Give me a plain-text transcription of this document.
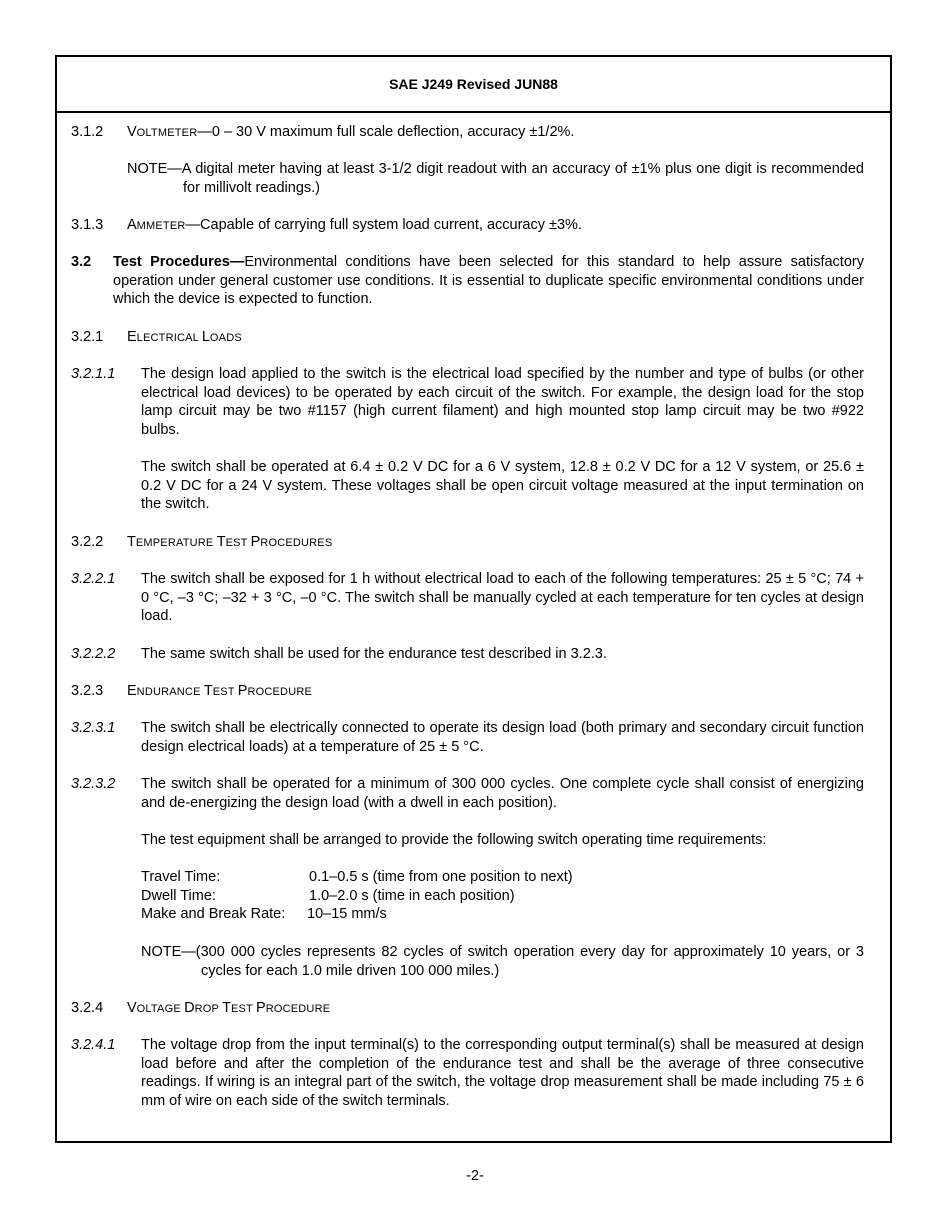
SAE J249 Revised JUN88
3.1.2 VOLTMETER—0 – 30 V maximum full scale deflection, accuracy ±1/2%.

NOTE—A digital meter having at least 3-1/2 digit readout with an accuracy of ±1% plus one digit is recommended for millivolt readings.)
3.1.3 AMMETER—Capable of carrying full system load current, accuracy ±3%.

3.2 Test Procedures—Environmental conditions have been selected for this standard to help assure satisfactory operation under general customer use conditions. It is essential to duplicate specific environmental conditions under which the device is expected to function.

3.2.1 ELECTRICAL LOADS
3.2.1.1 The design load applied to the switch is the electrical load specified by the number and type of bulbs (or other electrical load devices) to be operated by each circuit of the switch. For example, the design load for the stop lamp circuit may be two #1157 (high current filament) and high mounted stop lamp circuit may be two #922 bulbs.
The switch shall be operated at 6.4 ± 0.2 V DC for a 6 V system, 12.8 ± 0.2 V DC for a 12 V system, or 25.6 ± 0.2 V DC for a 24 V system. These voltages shall be open circuit voltage measured at the input termination on the switch.
3.2.2 TEMPERATURE TEST PROCEDURES
3.2.2.1 The switch shall be exposed for 1 h without electrical load to each of the following temperatures: 25 ± 5 °C; 74 + 0 °C, –3 °C; –32 + 3 °C, –0 °C. The switch shall be manually cycled at each temperature for ten cycles at design load.
3.2.2.2 The same switch shall be used for the endurance test described in 3.2.3.
3.2.3 ENDURANCE TEST PROCEDURE
3.2.3.1 The switch shall be electrically connected to operate its design load (both primary and secondary circuit function design electrical loads) at a temperature of 25 ± 5 °C.
3.2.3.2 The switch shall be operated for a minimum of 300 000 cycles. One complete cycle shall consist of energizing and de-energizing the design load (with a dwell in each position).
The test equipment shall be arranged to provide the following switch operating time requirements:
Travel Time:	0.1–0.5 s (time from one position to next)
Dwell Time:	1.0–2.0 s (time in each position)
Make and Break Rate: 10–15 mm/s
NOTE—(300 000 cycles represents 82 cycles of switch operation every day for approximately 10 years, or 3 cycles for each 1.0 mile driven 100 000 miles.)
3.2.4 VOLTAGE DROP TEST PROCEDURE
3.2.4.1 The voltage drop from the input terminal(s) to the corresponding output terminal(s) shall be measured at design load before and after the completion of the endurance test and shall be the average of three consecutive readings. If wiring is an integral part of the switch, the voltage drop measurement shall be made including 75 ± 6 mm of wire on each side of the switch terminals.
-2-
